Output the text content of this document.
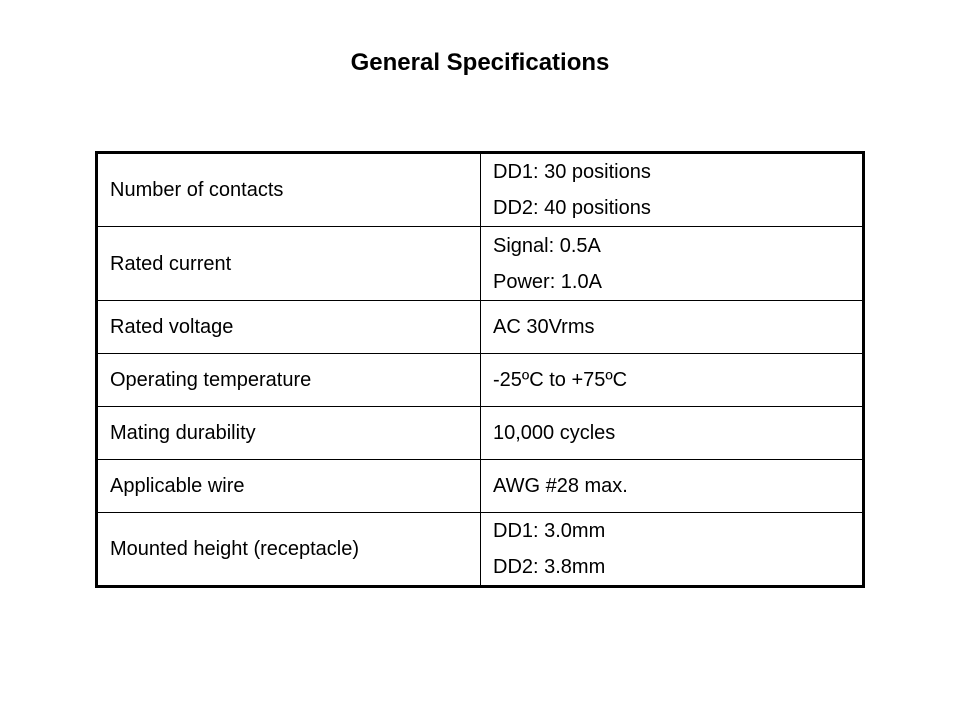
General Specifications
Number of contacts	DD1: 30 positions
DD2: 40 positions

Rated current	Signal: 0.5A
Power: 1.0A

Rated voltage	AC 30Vrms
Operating temperature	-25ºC to +75ºC
Mating durability	10,000 cycles
Applicable wire	AWG #28 max.
Mounted height (receptacle)	DD1: 3.0mm
DD2: 3.8mm
